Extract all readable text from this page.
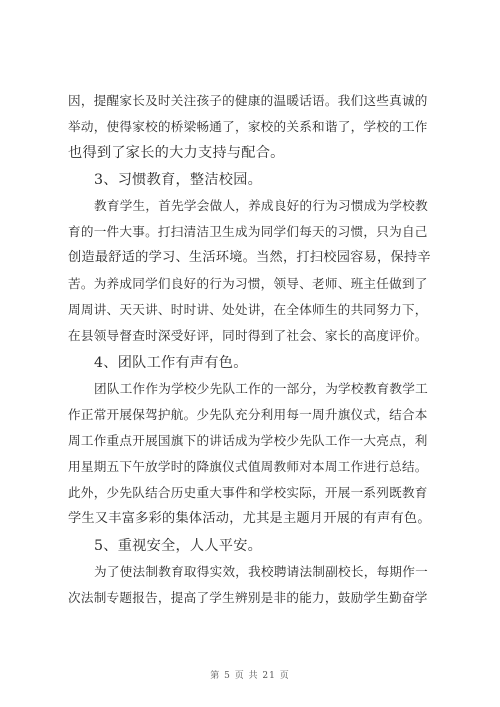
因，提醒家长及时关注孩子的健康的温暖话语。我们这些真诚的
举动，使得家校的桥梁畅通了，家校的关系和谐了，学校的工作
也得到了家长的大力支持与配合。
3、习惯教育，整洁校园。
教育学生，首先学会做人，养成良好的行为习惯成为学校教
育的一件大事。打扫清洁卫生成为同学们每天的习惯，只为自己
创造最舒适的学习、生活环境。当然，打扫校园容易，保持辛
苦。为养成同学们良好的行为习惯，领导、老师、班主任做到了
周周讲、天天讲、时时讲、处处讲，在全体师生的共同努力下，
在县领导督查时深受好评，同时得到了社会、家长的高度评价。
4、团队工作有声有色。
团队工作作为学校少先队工作的一部分，为学校教育教学工
作正常开展保驾护航。少先队充分利用每一周升旗仪式，结合本
周工作重点开展国旗下的讲话成为学校少先队工作一大亮点，利
用星期五下午放学时的降旗仪式值周教师对本周工作进行总结。
此外，少先队结合历史重大事件和学校实际，开展一系列既教育
学生又丰富多彩的集体活动，尤其是主题月开展的有声有色。
5、重视安全，人人平安。
为了使法制教育取得实效，我校聘请法制副校长，每期作一
次法制专题报告，提高了学生辨别是非的能力，鼓励学生勤奋学
第 5 页 共 21 页
